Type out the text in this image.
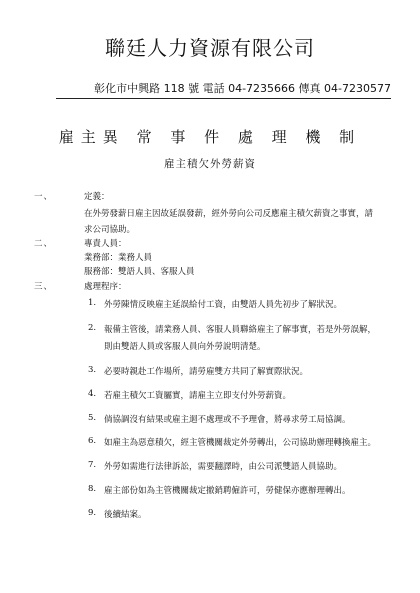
聯廷人力資源有限公司
彰化市中興路 118 號 電話 04-7235666 傳真 04-7230577
雇主異 常 事 件 處 理 機 制
雇主積欠外勞薪資
一、	定義：
在外勞發薪日雇主因故延誤發薪，經外勞向公司反應雇主積欠薪資之事實，請
求公司協助。
二、	專責人員：
業務部：業務人員
服務部：雙語人員、客服人員
三、	處理程序：
1. 外勞陳情反映雇主延誤給付工資，由雙語人員先初步了解狀況。
2. 報備主管後，請業務人員、客服人員聯絡雇主了解事實，若是外勞誤解，
則由雙語人員或客服人員向外勞說明清楚。
3. 必要時親赴工作場所，請勞雇雙方共同了解實際狀況。
4. 若雇主積欠工資屬實，請雇主立即支付外勞薪資。
5. 倘協調沒有結果或雇主迴不處理或不予理會，將尋求勞工局協調。
6. 如雇主為惡意積欠，經主管機關裁定外勞轉出，公司協助辦理轉換雇主。
7. 外勞如需進行法律訴訟，需要翻譯時，由公司派雙語人員協助。
8. 雇主部份如為主管機關裁定撤銷聘僱許可，勞健保亦應辦理轉出。
9. 後續結案。
